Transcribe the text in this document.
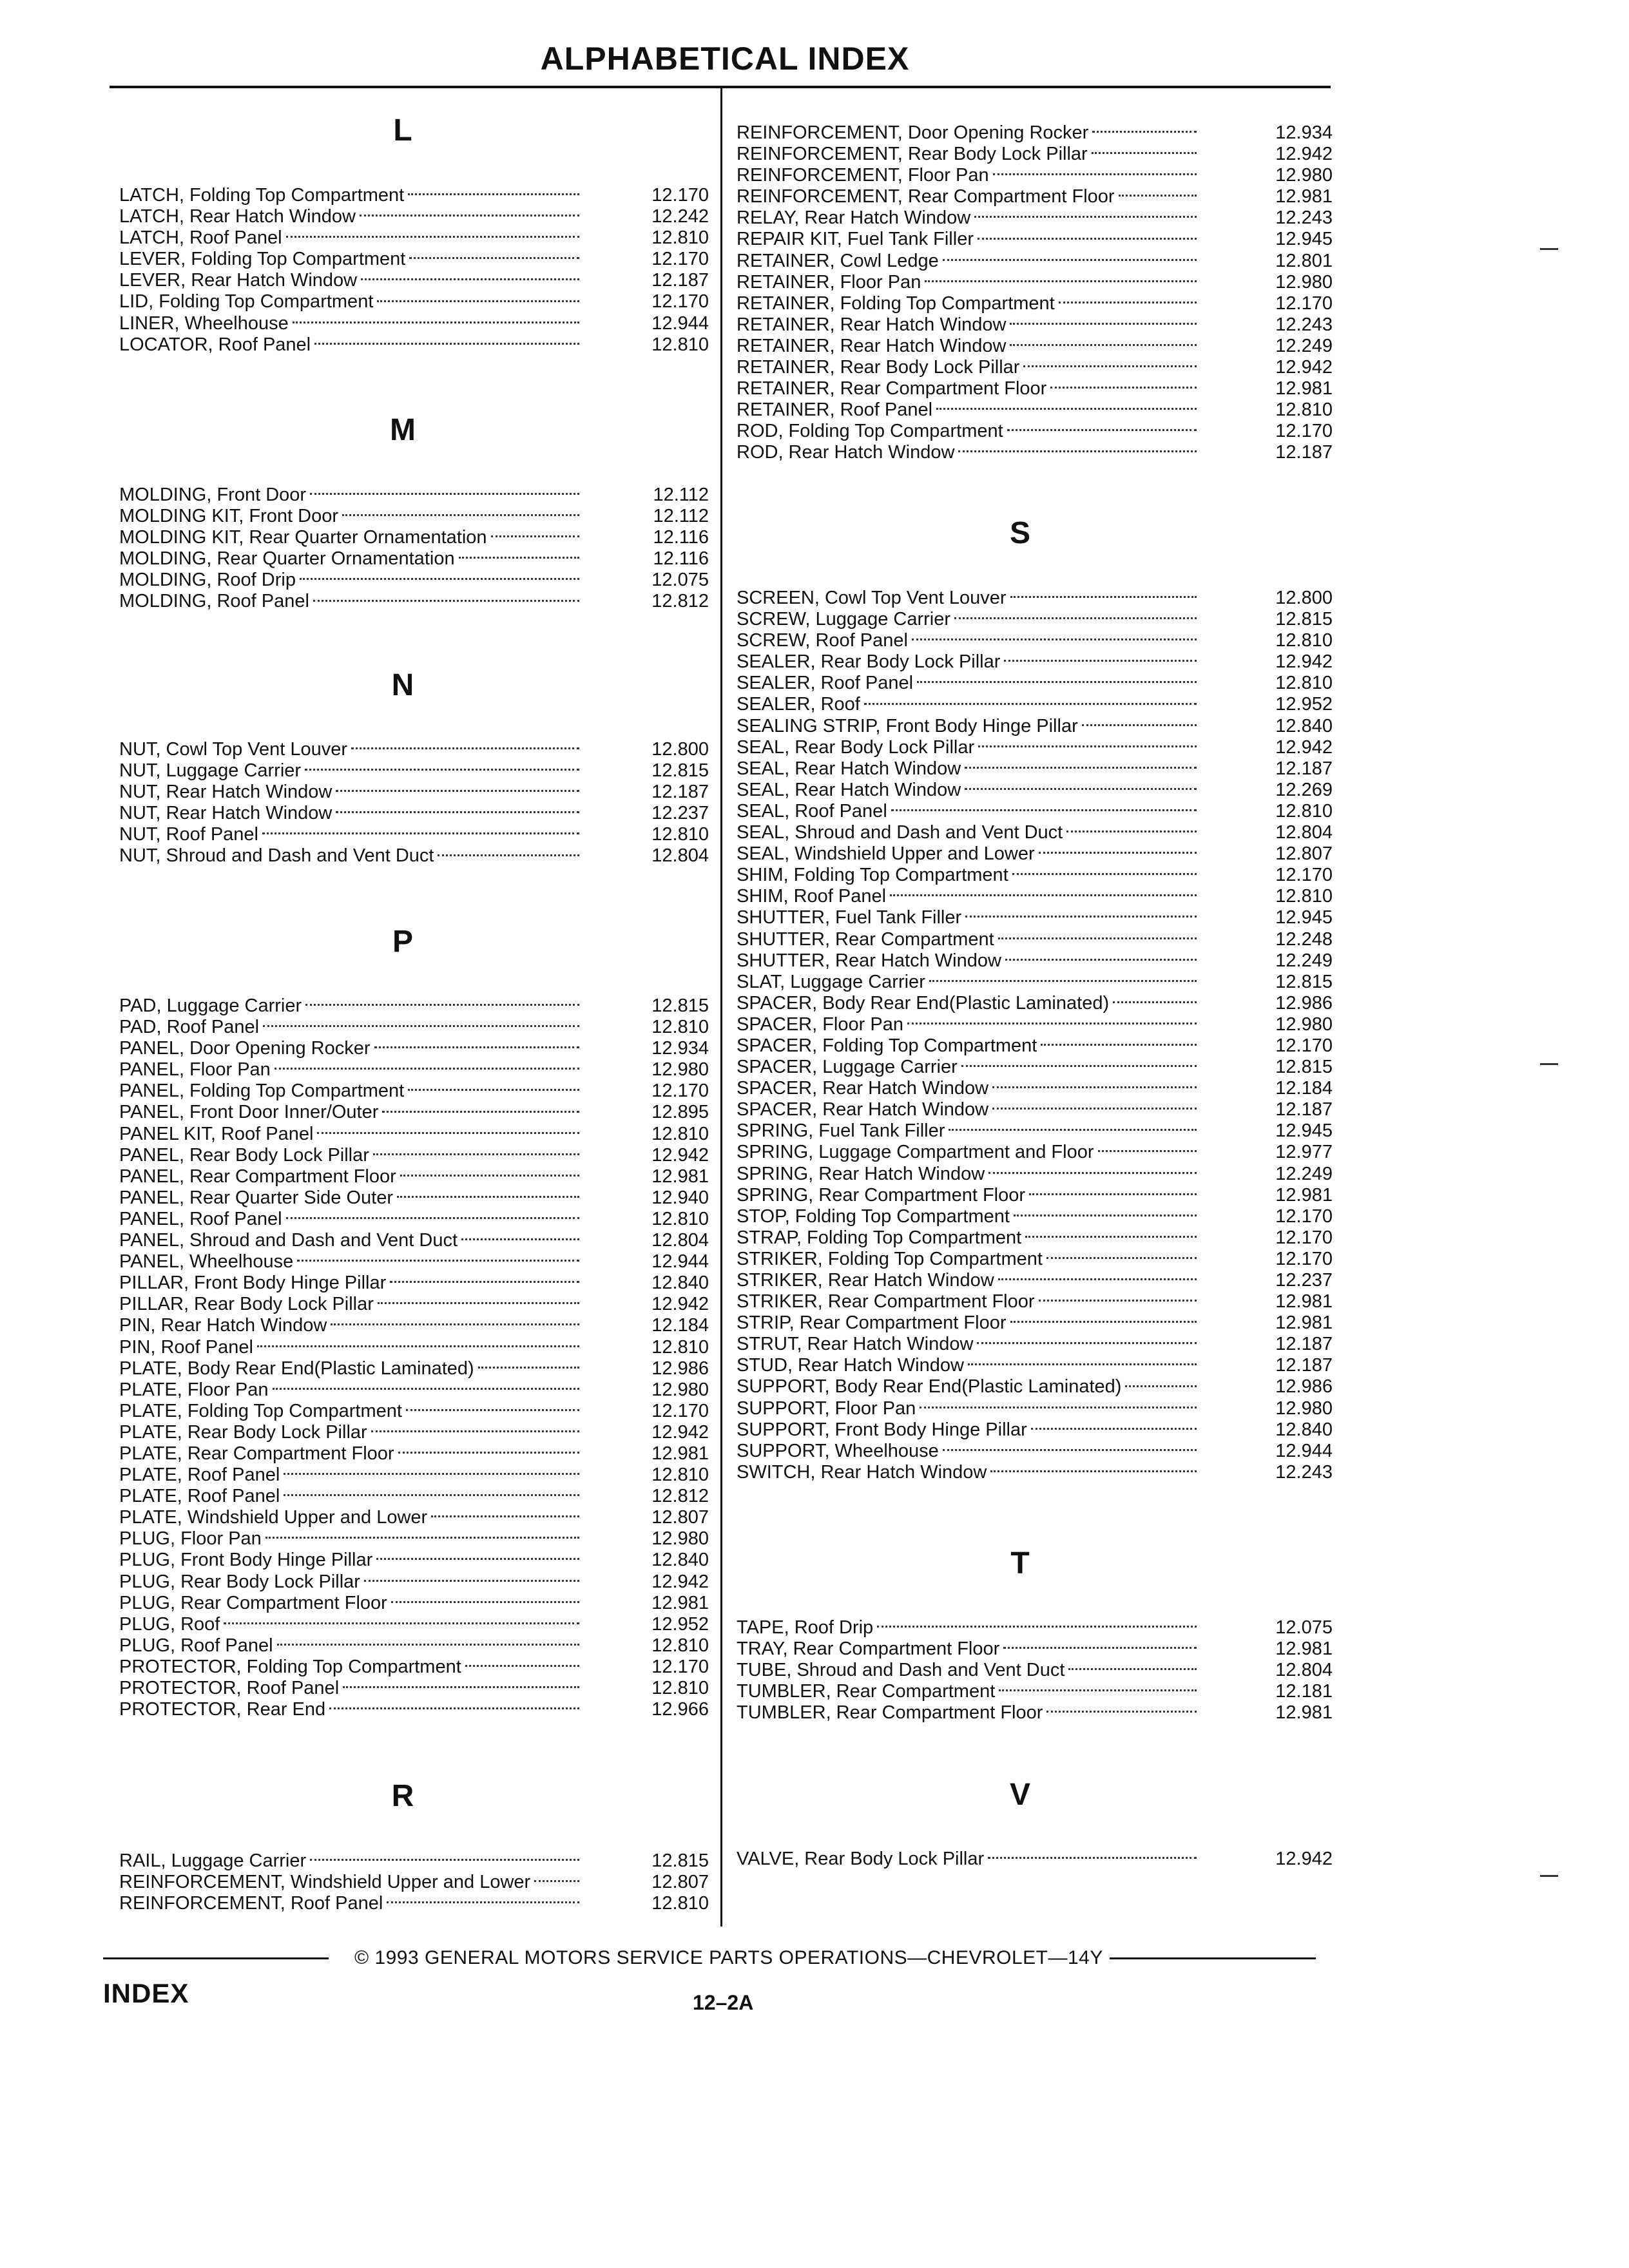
ALPHABETICAL INDEX
L
LATCH, Folding Top Compartment	12.170
LATCH, Rear Hatch Window	12.242
LATCH, Roof Panel	12.810
LEVER, Folding Top Compartment	12.170
LEVER, Rear Hatch Window	12.187
LID, Folding Top Compartment	12.170
LINER, Wheelhouse	12.944
LOCATOR, Roof Panel	12.810
M
MOLDING, Front Door	12.112
MOLDING KIT, Front Door	12.112
MOLDING KIT, Rear Quarter Ornamentation	12.116
MOLDING, Rear Quarter Ornamentation	12.116
MOLDING, Roof Drip	12.075
MOLDING, Roof Panel	12.812
N
NUT, Cowl Top Vent Louver	12.800
NUT, Luggage Carrier	12.815
NUT, Rear Hatch Window	12.187
NUT, Rear Hatch Window	12.237
NUT, Roof Panel	12.810
NUT, Shroud and Dash and Vent Duct	12.804
P
PAD, Luggage Carrier	12.815
PAD, Roof Panel	12.810
PANEL, Door Opening Rocker	12.934
PANEL, Floor Pan	12.980
PANEL, Folding Top Compartment	12.170
PANEL, Front Door Inner/Outer	12.895
PANEL KIT, Roof Panel	12.810
PANEL, Rear Body Lock Pillar	12.942
PANEL, Rear Compartment Floor	12.981
PANEL, Rear Quarter Side Outer	12.940
PANEL, Roof Panel	12.810
PANEL, Shroud and Dash and Vent Duct	12.804
PANEL, Wheelhouse	12.944
PILLAR, Front Body Hinge Pillar	12.840
PILLAR, Rear Body Lock Pillar	12.942
PIN, Rear Hatch Window	12.184
PIN, Roof Panel	12.810
PLATE, Body Rear End(Plastic Laminated)	12.986
PLATE, Floor Pan	12.980
PLATE, Folding Top Compartment	12.170
PLATE, Rear Body Lock Pillar	12.942
PLATE, Rear Compartment Floor	12.981
PLATE, Roof Panel	12.810
PLATE, Roof Panel	12.812
PLATE, Windshield Upper and Lower	12.807
PLUG, Floor Pan	12.980
PLUG, Front Body Hinge Pillar	12.840
PLUG, Rear Body Lock Pillar	12.942
PLUG, Rear Compartment Floor	12.981
PLUG, Roof	12.952
PLUG, Roof Panel	12.810
PROTECTOR, Folding Top Compartment	12.170
PROTECTOR, Roof Panel	12.810
PROTECTOR, Rear End	12.966
R
RAIL, Luggage Carrier	12.815
REINFORCEMENT, Windshield Upper and Lower	12.807
REINFORCEMENT, Roof Panel	12.810
REINFORCEMENT, Door Opening Rocker	12.934
REINFORCEMENT, Rear Body Lock Pillar	12.942
REINFORCEMENT, Floor Pan	12.980
REINFORCEMENT, Rear Compartment Floor	12.981
RELAY, Rear Hatch Window	12.243
REPAIR KIT, Fuel Tank Filler	12.945
RETAINER, Cowl Ledge	12.801
RETAINER, Floor Pan	12.980
RETAINER, Folding Top Compartment	12.170
RETAINER, Rear Hatch Window	12.243
RETAINER, Rear Hatch Window	12.249
RETAINER, Rear Body Lock Pillar	12.942
RETAINER, Rear Compartment Floor	12.981
RETAINER, Roof Panel	12.810
ROD, Folding Top Compartment	12.170
ROD, Rear Hatch Window	12.187
S
SCREEN, Cowl Top Vent Louver	12.800
SCREW, Luggage Carrier	12.815
SCREW, Roof Panel	12.810
SEALER, Rear Body Lock Pillar	12.942
SEALER, Roof Panel	12.810
SEALER, Roof	12.952
SEALING STRIP, Front Body Hinge Pillar	12.840
SEAL, Rear Body Lock Pillar	12.942
SEAL, Rear Hatch Window	12.187
SEAL, Rear Hatch Window	12.269
SEAL, Roof Panel	12.810
SEAL, Shroud and Dash and Vent Duct	12.804
SEAL, Windshield Upper and Lower	12.807
SHIM, Folding Top Compartment	12.170
SHIM, Roof Panel	12.810
SHUTTER, Fuel Tank Filler	12.945
SHUTTER, Rear Compartment	12.248
SHUTTER, Rear Hatch Window	12.249
SLAT, Luggage Carrier	12.815
SPACER, Body Rear End(Plastic Laminated)	12.986
SPACER, Floor Pan	12.980
SPACER, Folding Top Compartment	12.170
SPACER, Luggage Carrier	12.815
SPACER, Rear Hatch Window	12.184
SPACER, Rear Hatch Window	12.187
SPRING, Fuel Tank Filler	12.945
SPRING, Luggage Compartment and Floor	12.977
SPRING, Rear Hatch Window	12.249
SPRING, Rear Compartment Floor	12.981
STOP, Folding Top Compartment	12.170
STRAP, Folding Top Compartment	12.170
STRIKER, Folding Top Compartment	12.170
STRIKER, Rear Hatch Window	12.237
STRIKER, Rear Compartment Floor	12.981
STRIP, Rear Compartment Floor	12.981
STRUT, Rear Hatch Window	12.187
STUD, Rear Hatch Window	12.187
SUPPORT, Body Rear End(Plastic Laminated)	12.986
SUPPORT, Floor Pan	12.980
SUPPORT, Front Body Hinge Pillar	12.840
SUPPORT, Wheelhouse	12.944
SWITCH, Rear Hatch Window	12.243
T
TAPE, Roof Drip	12.075
TRAY, Rear Compartment Floor	12.981
TUBE, Shroud and Dash and Vent Duct	12.804
TUMBLER, Rear Compartment	12.181
TUMBLER, Rear Compartment Floor	12.981
V
VALVE, Rear Body Lock Pillar	12.942
© 1993 GENERAL MOTORS SERVICE PARTS OPERATIONS—CHEVROLET—14Y
INDEX	12–2A
